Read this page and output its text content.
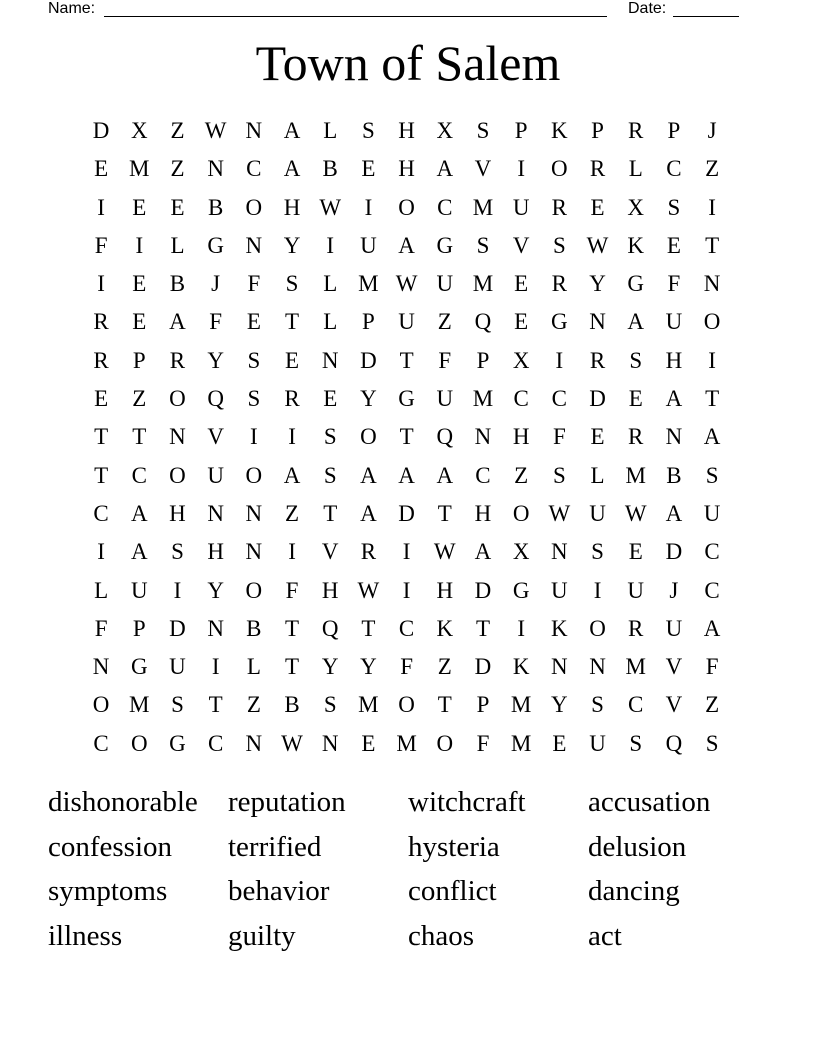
Name:	Date:
Town of Salem
D X Z W N A L	S	H X	S	P	K	P	R	P	J
E M Z N C A B	E H A V	I	O R	L	C	Z
I	E	E	B O H W	I	O C M U R	E X	S	I
F	I	L G N Y	I	U A G	S	V	S W K E	T
I	E	B	J	F	S	L M W U M E	R Y G	F	N
R	E A	F	E	T	L	P	U Z Q E G N A U O
R	P	R Y	S	E N D T	F	P	X	I	R	S	H	I
E	Z O Q	S	R	E Y G U M C C D E A T
T	T N V	I	I	S	O T Q N H	F	E	R N A
T	C O U O A	S	A A A C	Z	S	L M B	S
C A H N N Z	T A D T H O W U W A U
I	A	S	H N	I	V R	I	W A X N	S	E D C
L U	I	Y O	F	H W	I	H D G U	I	U	J	C
F	P	D N B	T Q T	C K T	I	K O R U A
N G U	I	L	T Y Y	F	Z D K N N M V	F
O M S	T	Z	B	S M O T	P M Y	S	C V Z
C O G C N W N E M O	F M E U	S	Q	S
dishonorable	reputation	witchcraft	accusation
confession	terrified	hysteria	delusion
symptoms	behavior	conflict	dancing
illness	guilty	chaos	act
